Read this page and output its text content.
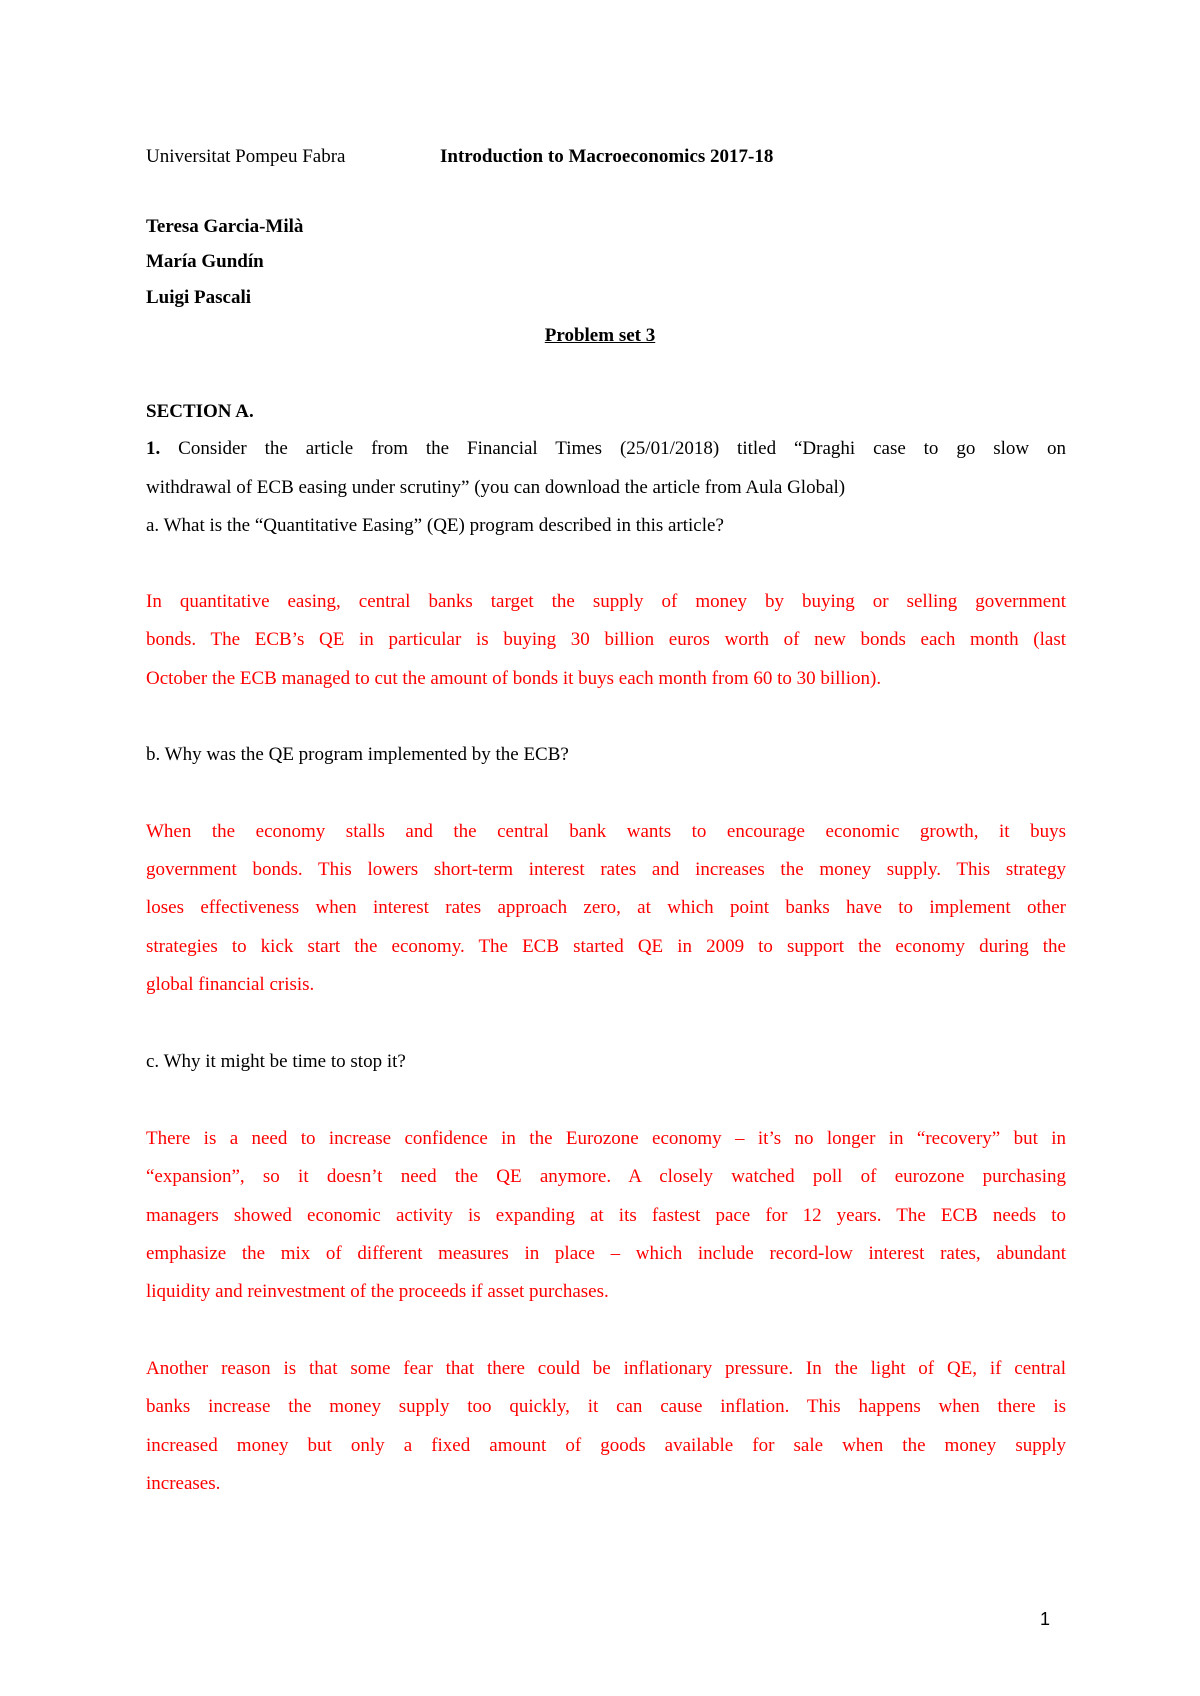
Universitat Pompeu Fabra	Introduction to Macroeconomics 2017-18
Teresa Garcia-Milà
María Gundín
Luigi Pascali
Problem set 3
SECTION A.
1. Consider the article from the Financial Times (25/01/2018) titled “Draghi case to go slow on
withdrawal of ECB easing under scrutiny” (you can download the article from Aula Global)
a. What is the “Quantitative Easing” (QE) program described in this article?
In quantitative easing, central banks target the supply of money by buying or selling government
bonds. The ECB’s QE in particular is buying 30 billion euros worth of new bonds each month (last
October the ECB managed to cut the amount of bonds it buys each month from 60 to 30 billion).
b. Why was the QE program implemented by the ECB?
When the economy stalls and the central bank wants to encourage economic growth, it buys
government bonds. This lowers short-term interest rates and increases the money supply. This strategy
loses effectiveness when interest rates approach zero, at which point banks have to implement other
strategies to kick start the economy. The ECB started QE in 2009 to support the economy during the
global financial crisis.
c. Why it might be time to stop it?
There is a need to increase confidence in the Eurozone economy – it’s no longer in “recovery” but in
“expansion”, so it doesn’t need the QE anymore. A closely watched poll of eurozone purchasing
managers showed economic activity is expanding at its fastest pace for 12 years. The ECB needs to
emphasize the mix of different measures in place – which include record-low interest rates, abundant
liquidity and reinvestment of the proceeds if asset purchases.
Another reason is that some fear that there could be inflationary pressure. In the light of QE, if central
banks increase the money supply too quickly, it can cause inflation. This happens when there is
increased money but only a fixed amount of goods available for sale when the money supply
increases.
1
